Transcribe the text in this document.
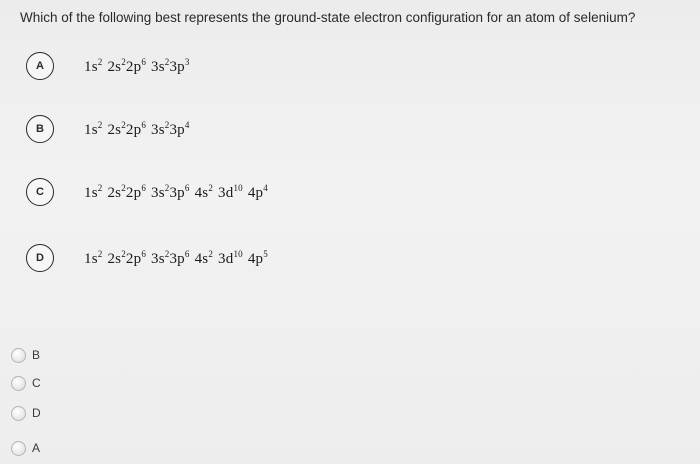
Which of the following best represents the ground-state electron configuration for an atom of selenium?
A	$1s^2$ $2s^22p^6$ $3s^23p^3$
B	$1s^2$ $2s^22p^6$ $3s^23p^4$
C	$1s^2$ $2s^22p^6$ $3s^23p^6$ $4s^2$ $3d^{10}$ $4p^4$
D	$1s^2$ $2s^22p^6$ $3s^23p^6$ $4s^2$ $3d^{10}$ $4p^5$
B
C
D
A
